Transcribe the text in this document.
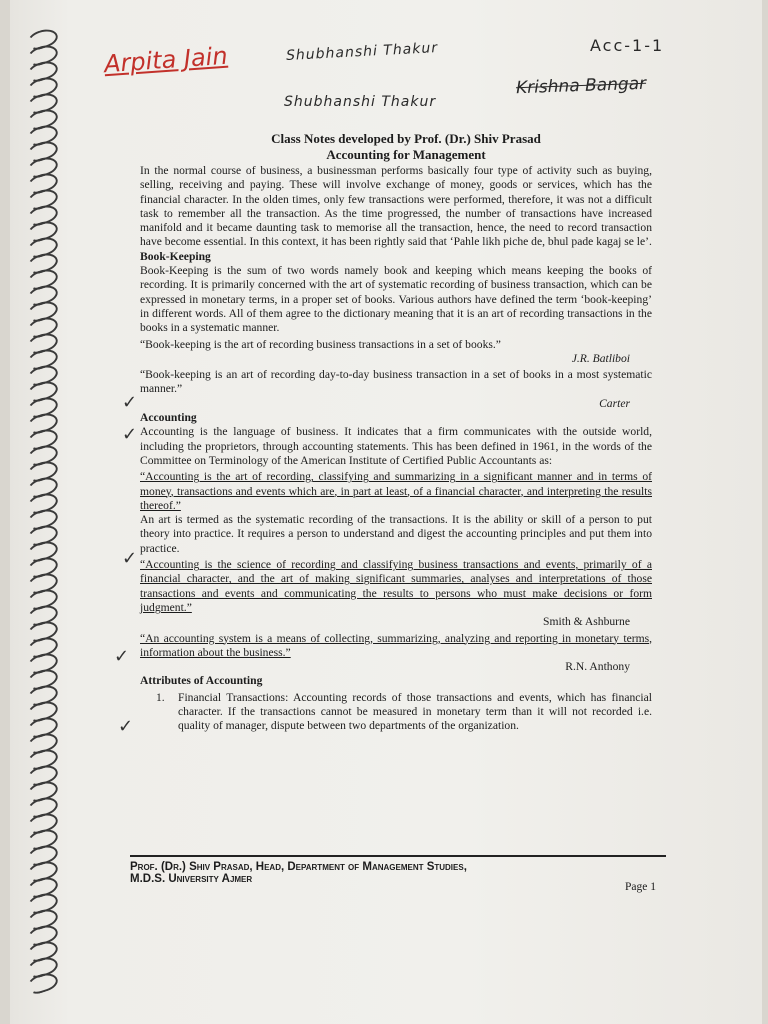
Arpita Jain	Shubhanshi Thakur
Shubhanshi Thakur
Krishna Bangar
Acc-1-1
Class Notes developed by Prof. (Dr.) Shiv Prasad
Accounting for Management

In the normal course of business, a businessman performs basically four type of activity such as buying, selling, receiving and paying. These will involve exchange of money, goods or services, which has the financial character. In the olden times, only few transactions were performed, therefore, it was not a difficult task to remember all the transaction. As the time progressed, the number of transactions have increased manifold and it became daunting task to memorise all the transaction, hence, the need to record transaction have become essential. In this context, it has been rightly said that ‘Pahle likh piche de, bhul pade kagaj se le’.

Book-Keeping

Book-Keeping is the sum of two words namely book and keeping which means keeping the books of recording. It is primarily concerned with the art of systematic recording of business transaction, which can be expressed in monetary terms, in a proper set of books. Various authors have defined the term ‘book-keeping’ in different words. All of them agree to the dictionary meaning that it is an art of recording transactions in the books in a systematic manner.

“Book-keeping is the art of recording business transactions in a set of books.”

J.R. Batliboi

“Book-keeping is an art of recording day-to-day business transaction in a set of books in a most systematic manner.”

Carter

Accounting

Accounting is the language of business. It indicates that a firm communicates with the outside world, including the proprietors, through accounting statements. This has been defined in 1961, in the words of the Committee on Terminology of the American Institute of Certified Public Accountants as:

“Accounting is the art of recording, classifying and summarizing in a significant manner and in terms of money, transactions and events which are, in part at least, of a financial character, and interpreting the results thereof.”

An art is termed as the systematic recording of the transactions. It is the ability or skill of a person to put theory into practice. It requires a person to understand and digest the accounting principles and put them into practice.

“Accounting is the science of recording and classifying business transactions and events, primarily of a financial character, and the art of making significant summaries, analyses and interpretations of those transactions and events and communicating the results to persons who must make decisions or form judgment.”

Smith & Ashburne

“An accounting system is a means of collecting, summarizing, analyzing and reporting in monetary terms, information about the business.”

R.N. Anthony

Attributes of Accounting

1.	Financial Transactions: Accounting records of those transactions and events, which has financial character. If the transactions cannot be measured in monetary term than it will not recorded i.e. quality of manager, dispute between two departments of the organization.
✓
✓
✓
✓
✓
Prof. (Dr.) Shiv Prasad, Head, Department of Management Studies,
M.D.S. University Ajmer
Page 1
